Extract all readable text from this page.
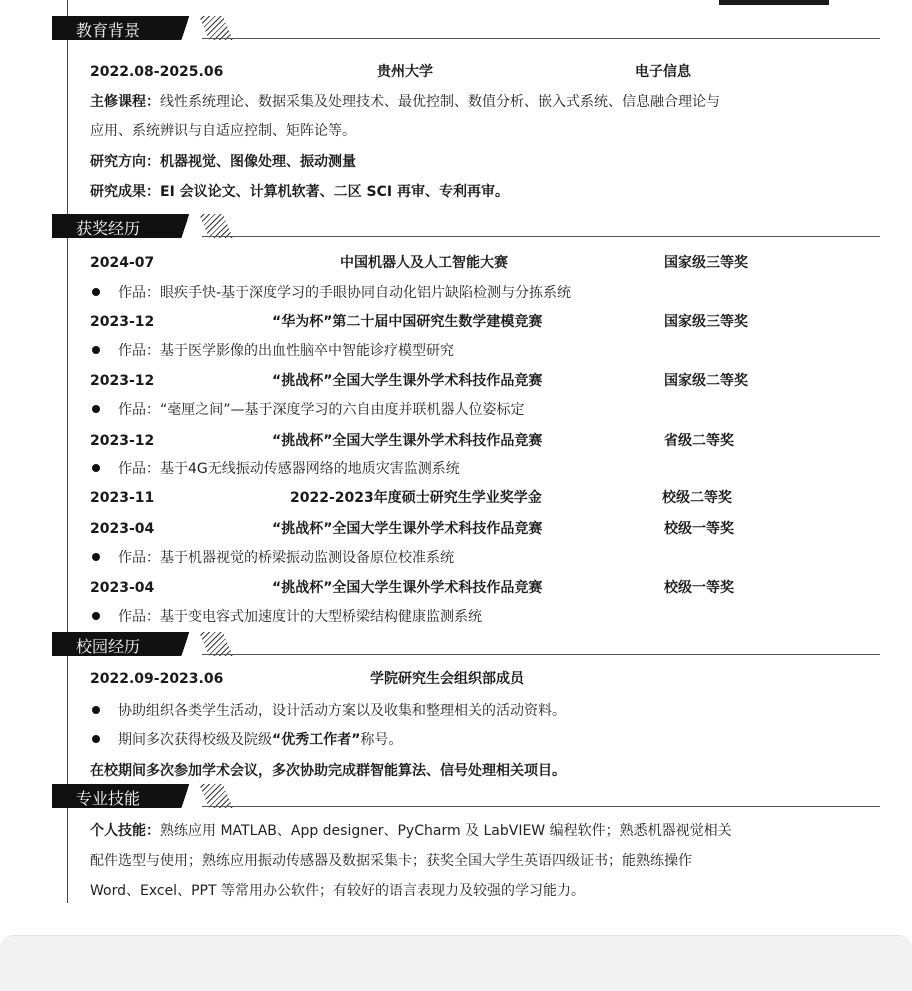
教育背景
2022.08-2025.06	贵州大学	电子信息
主修课程：线性系统理论、数据采集及处理技术、最优控制、数值分析、嵌入式系统、信息融合理论与
应用、系统辨识与自适应控制、矩阵论等。
研究方向：机器视觉、图像处理、振动测量
研究成果：EI 会议论文、计算机软著、二区 SCI 再审、专利再审。
获奖经历
2024-07	中国机器人及人工智能大赛	国家级三等奖
作品：眼疾手快-基于深度学习的手眼协同自动化铝片缺陷检测与分拣系统
2023-12	“华为杯”第二十届中国研究生数学建模竞赛	国家级三等奖
作品：基于医学影像的出血性脑卒中智能诊疗模型研究
2023-12	“挑战杯”全国大学生课外学术科技作品竞赛	国家级二等奖
作品：“毫厘之间”—基于深度学习的六自由度并联机器人位姿标定
2023-12	“挑战杯”全国大学生课外学术科技作品竞赛	省级二等奖
作品：基于4G无线振动传感器网络的地质灾害监测系统
2023-11	2022-2023年度硕士研究生学业奖学金	校级二等奖
2023-04	“挑战杯”全国大学生课外学术科技作品竞赛	校级一等奖
作品：基于机器视觉的桥梁振动监测设备原位校准系统
2023-04	“挑战杯”全国大学生课外学术科技作品竞赛	校级一等奖
作品：基于变电容式加速度计的大型桥梁结构健康监测系统
校园经历
2022.09-2023.06	学院研究生会组织部成员
协助组织各类学生活动，设计活动方案以及收集和整理相关的活动资料。
期间多次获得校级及院级“优秀工作者”称号。
在校期间多次参加学术会议，多次协助完成群智能算法、信号处理相关项目。
专业技能
个人技能：熟练应用 MATLAB、App designer、PyCharm 及 LabVIEW 编程软件；熟悉机器视觉相关
配件选型与使用；熟练应用振动传感器及数据采集卡；获奖全国大学生英语四级证书；能熟练操作
Word、Excel、PPT 等常用办公软件；有较好的语言表现力及较强的学习能力。
